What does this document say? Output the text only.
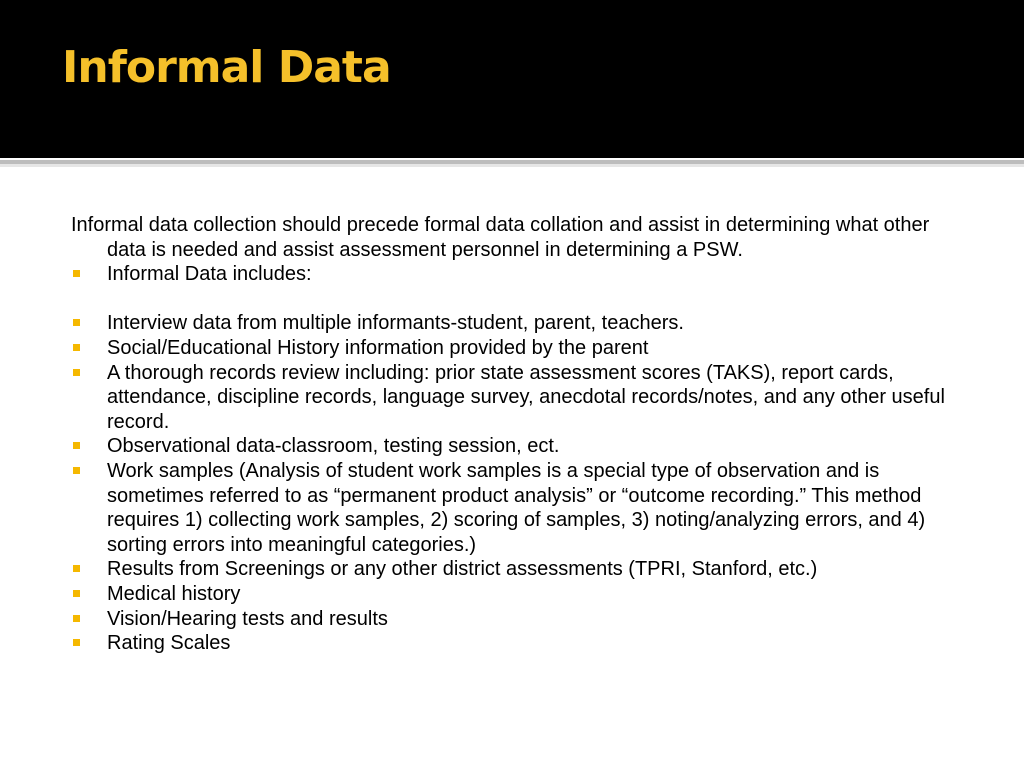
Informal Data

Informal data collection should precede formal data collation and assist in determining what other data is needed and assist assessment personnel in determining a PSW.

Informal Data includes:
Interview data from multiple informants-student, parent, teachers.
Social/Educational History information provided by the parent
A thorough records review including: prior state assessment scores (TAKS), report cards, attendance, discipline records, language survey, anecdotal records/notes, and any other useful record.
Observational data-classroom, testing session, ect.
Work samples (Analysis of student work samples is a special type of observation and is sometimes referred to as “permanent product analysis” or “outcome recording.” This method requires 1) collecting work samples, 2) scoring of samples, 3) noting/analyzing errors, and 4) sorting errors into meaningful categories.)
Results from Screenings or any other district assessments (TPRI, Stanford, etc.)
Medical history
Vision/Hearing tests and results
Rating Scales
